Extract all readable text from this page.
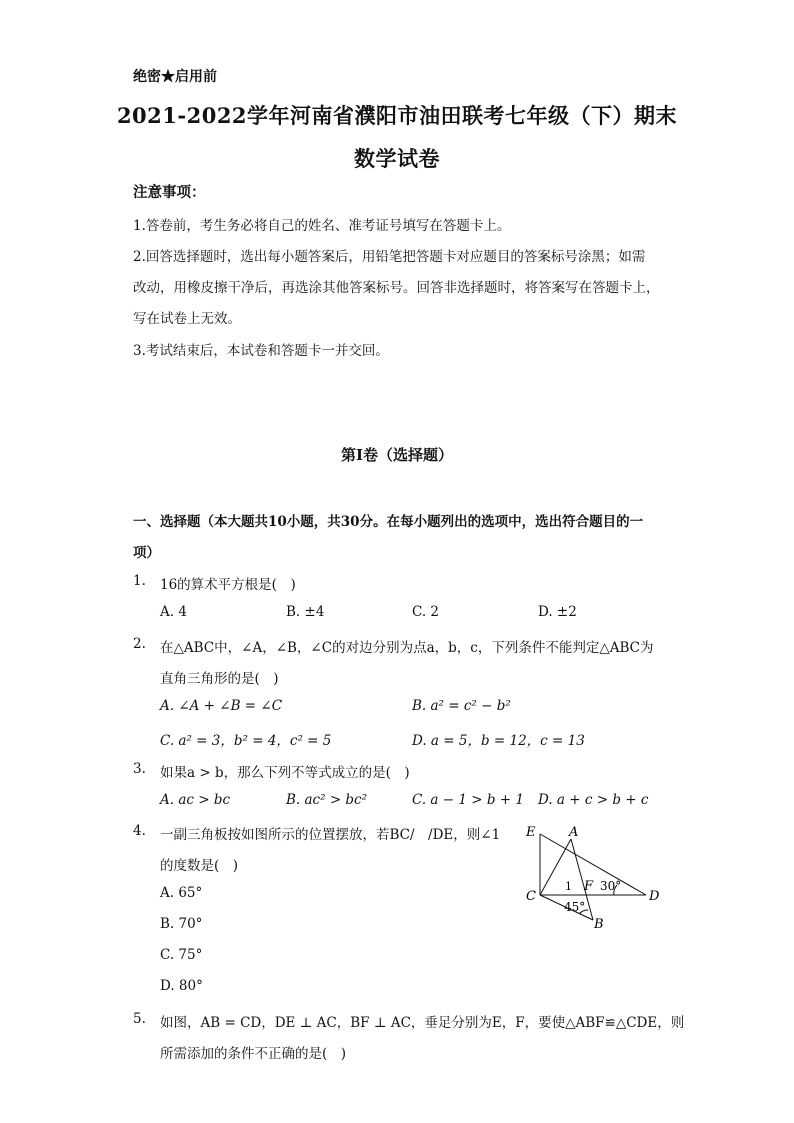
绝密★启用前
2021-2022学年河南省濮阳市油田联考七年级（下）期末
数学试卷
注意事项：
1.答卷前，考生务必将自己的姓名、准考证号填写在答题卡上。
2.回答选择题时，选出每小题答案后，用铅笔把答题卡对应题目的答案标号涂黑；如需
改动，用橡皮擦干净后，再选涂其他答案标号。回答非选择题时，将答案写在答题卡上，
写在试卷上无效。
3.考试结束后，本试卷和答题卡一并交回。
第Ⅰ卷（选择题）
一、选择题（本大题共10小题，共30分。在每小题列出的选项中，选出符合题目的一
项）
1. 16的算术平方根是(　)
A. 4	B. ±4	C. 2	D. ±2
2. 在△ABC中，∠A，∠B，∠C的对边分别为点a，b，c，下列条件不能判定△ABC为
直角三角形的是(　)
A. ∠A + ∠B = ∠C	B. a² = c² − b²
C. a² = 3，b² = 4，c² = 5	D. a = 5，b = 12，c = 13
3. 如果a > b，那么下列不等式成立的是(　)
A. ac > bc	B. ac² > bc²	C. a − 1 > b + 1 D. a + c > b + c
4. 一副三角板按如图所示的位置摆放，若BC/　/DE，则∠1
的度数是(　)
A. 65°
B. 70°
C. 75°
D. 80°
E	A
C	D
B
F
1 30°
45°
5. 如图，AB = CD，DE ⊥ AC，BF ⊥ AC，垂足分别为E，F，要使△ABF≌△CDE，则
所需添加的条件不正确的是(　)
